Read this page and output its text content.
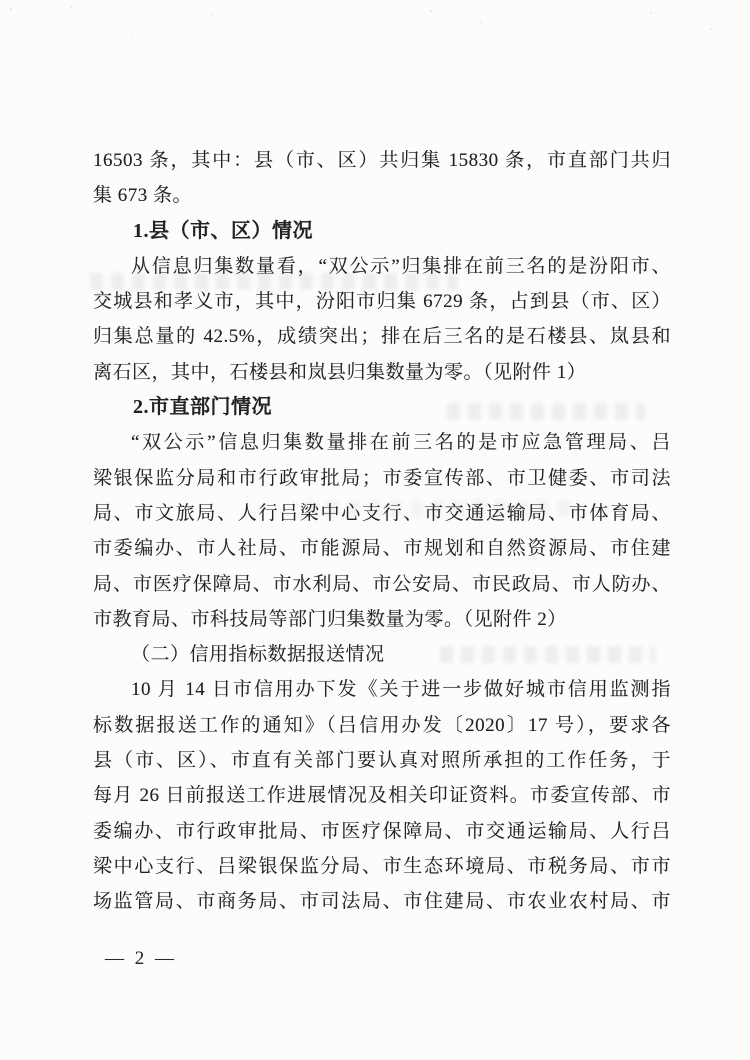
16503 条，其中：县（市、区）共归集 15830 条，市直部门共归
集 673 条。
1.县（市、区）情况
从信息归集数量看，“双公示”归集排在前三名的是汾阳市、
交城县和孝义市，其中，汾阳市归集 6729 条，占到县（市、区）
归集总量的 42.5%，成绩突出；排在后三名的是石楼县、岚县和
离石区，其中，石楼县和岚县归集数量为零。（见附件 1）
2.市直部门情况
“双公示”信息归集数量排在前三名的是市应急管理局、吕
梁银保监分局和市行政审批局；市委宣传部、市卫健委、市司法
局、市文旅局、人行吕梁中心支行、市交通运输局、市体育局、
市委编办、市人社局、市能源局、市规划和自然资源局、市住建
局、市医疗保障局、市水利局、市公安局、市民政局、市人防办、
市教育局、市科技局等部门归集数量为零。（见附件 2）
（二）信用指标数据报送情况
10 月 14 日市信用办下发《关于进一步做好城市信用监测指
标数据报送工作的通知》（吕信用办发〔2020〕17 号），要求各
县（市、区）、市直有关部门要认真对照所承担的工作任务，于
每月 26 日前报送工作进展情况及相关印证资料。市委宣传部、市
委编办、市行政审批局、市医疗保障局、市交通运输局、人行吕
梁中心支行、吕梁银保监分局、市生态环境局、市税务局、市市
场监管局、市商务局、市司法局、市住建局、市农业农村局、市
— 2 —
